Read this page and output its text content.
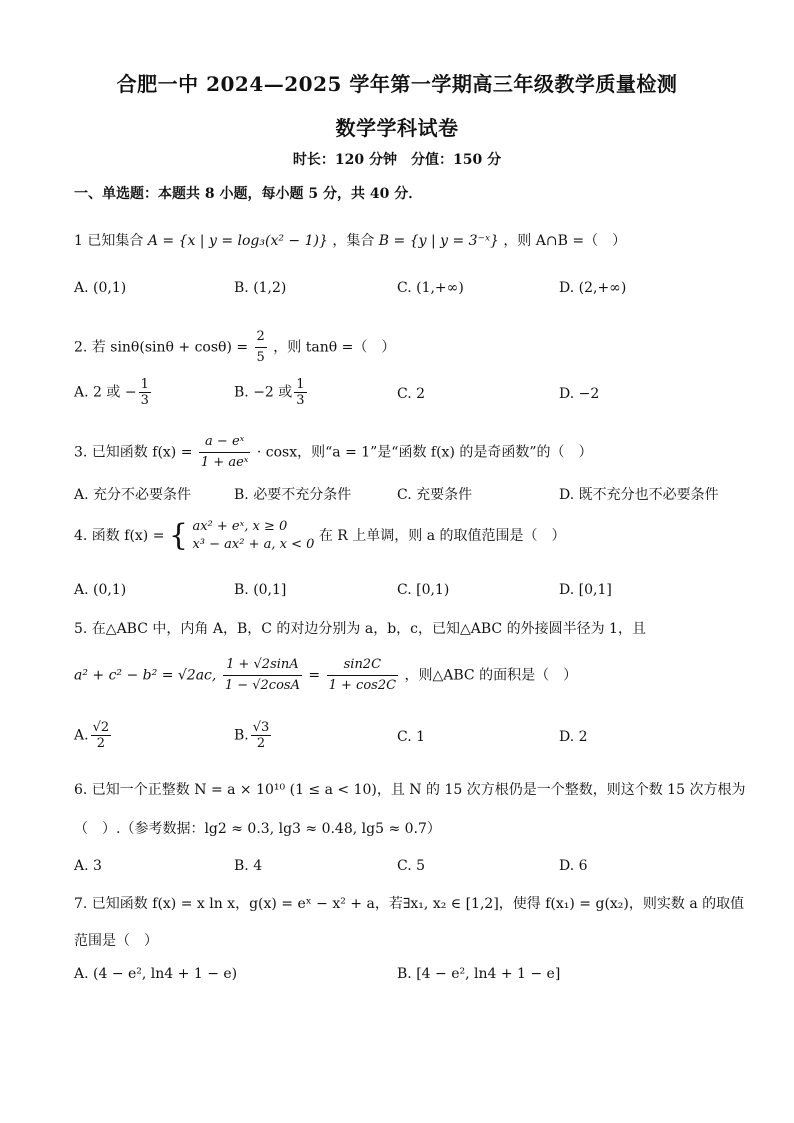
合肥一中 2024—2025 学年第一学期高三年级教学质量检测
数学学科试卷
时长：120 分钟　分值：150 分
一、单选题：本题共 8 小题，每小题 5 分，共 40 分．
1 已知集合 A = {x | y = log₃(x² − 1)} ，集合 B = {y | y = 3⁻ˣ} ，则 A∩B =（　）
A. (0,1)	B. (1,2)	C. (1,+∞)	D. (2,+∞)
2. 若 $\sin\theta(\sin\theta + \cos\theta) = \frac{2}{5}$ ，则 tanθ =（　）
A. 2 或 − $\frac{1}{3}$	B. −2 或 $\frac{1}{3}$	C. 2	D. −2
3. 已知函数 $f(x) = \frac{\text{a − eˣ}}{\text{1 + aeˣ}} \cdot \cos x$，则“a = 1”是“函数 f(x) 的是奇函数”的（　）
A. 充分不必要条件	B. 必要不充分条件	C. 充要条件	D. 既不充分也不必要条件
4. 函数 f(x) = { ax² + eˣ, x ≥ 0
x³ − ax² + a, x < 0
在 R 上单调，则 a 的取值范围是（　）
A. (0,1)	B. (0,1]	C. [0,1)	D. [0,1]
5. 在△ABC 中，内角 A，B，C 的对边分别为 a，b，c，已知△ABC 的外接圆半径为 1，且
a² + c² − b² = √2ac, $\frac{1 + √2\sin A}{1 - √2\cos A} = \frac{\sin 2C}{1 + \cos 2C}$ ，则△ABC 的面积是（　）
A. $\frac{√2}{2}$	B. $\frac{√3}{2}$	C. 1	D. 2
6. 已知一个正整数 N = a × 10¹⁰ (1 ≤ a < 10)，且 N 的 15 次方根仍是一个整数，则这个数 15 次方根为
（　）.（参考数据：lg2 ≈ 0.3, lg3 ≈ 0.48, lg5 ≈ 0.7）
A. 3	B. 4	C. 5	D. 6
7. 已知函数 f(x) = x ln x，g(x) = eˣ − x² + a，若∃x₁, x₂ ∈ [1,2]，使得 f(x₁) = g(x₂)，则实数 a 的取值
范围是（　）
A. (4 − e², ln4 + 1 − e)	B. [4 − e², ln4 + 1 − e]
